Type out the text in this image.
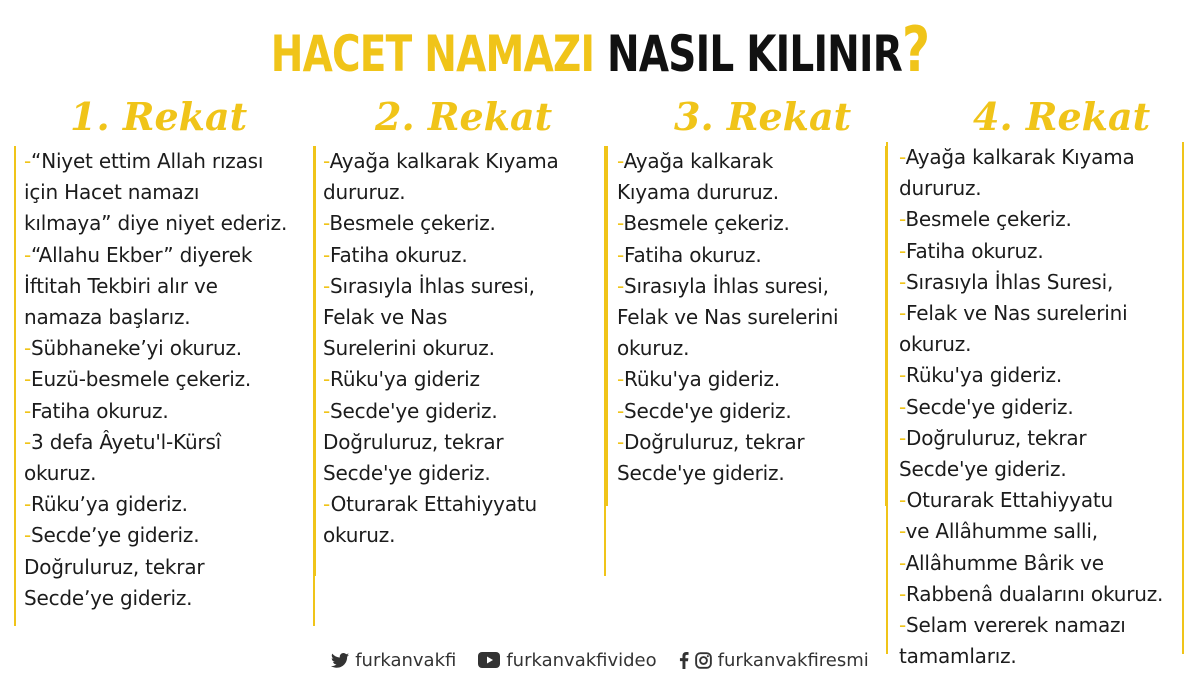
HACET NAMAZI NASIL KILINIR?
1. Rekat	2. Rekat	3. Rekat	4. Rekat
-“Niyet ettim Allah rızası
için Hacet namazı
kılmaya” diye niyet ederiz.
-“Allahu Ekber” diyerek
İftitah Tekbiri alır ve
namaza başlarız.
-Sübhaneke’yi okuruz.
-Euzü-besmele çekeriz.
-Fatiha okuruz.
-3 defa Âyetu'l-Kürsî
okuruz.
-Rükuʼya gideriz.
-Secdeʼye gideriz.
Doğruluruz, tekrar
Secdeʼye gideriz.
-Ayağa kalkarak Kıyama
dururuz.
-Besmele çekeriz.
-Fatiha okuruz.
-Sırasıyla İhlas suresi,
Felak ve Nas
Surelerini okuruz.
-Rüku'ya gideriz
-Secde'ye gideriz.
Doğruluruz, tekrar
Secde'ye gideriz.
-Oturarak Ettahiyyatu
okuruz.
-Ayağa kalkarak
Kıyama dururuz.
-Besmele çekeriz.
-Fatiha okuruz.
-Sırasıyla İhlas suresi,
Felak ve Nas surelerini
okuruz.
-Rüku'ya gideriz.
-Secde'ye gideriz.
-Doğruluruz, tekrar
Secde'ye gideriz.
-Ayağa kalkarak Kıyama
dururuz.
-Besmele çekeriz.
-Fatiha okuruz.
-Sırasıyla İhlas Suresi,
-Felak ve Nas surelerini
okuruz.
-Rüku'ya gideriz.
-Secde'ye gideriz.
-Doğruluruz, tekrar
Secde'ye gideriz.
-Oturarak Ettahiyyatu
-ve Allâhumme salli,
-Allâhumme Bârik ve
-Rabbenâ dualarını okuruz.
-Selam vererek namazı
tamamlarız.
furkanvakfi	furkanvakfivideo	furkanvakfiresmi
